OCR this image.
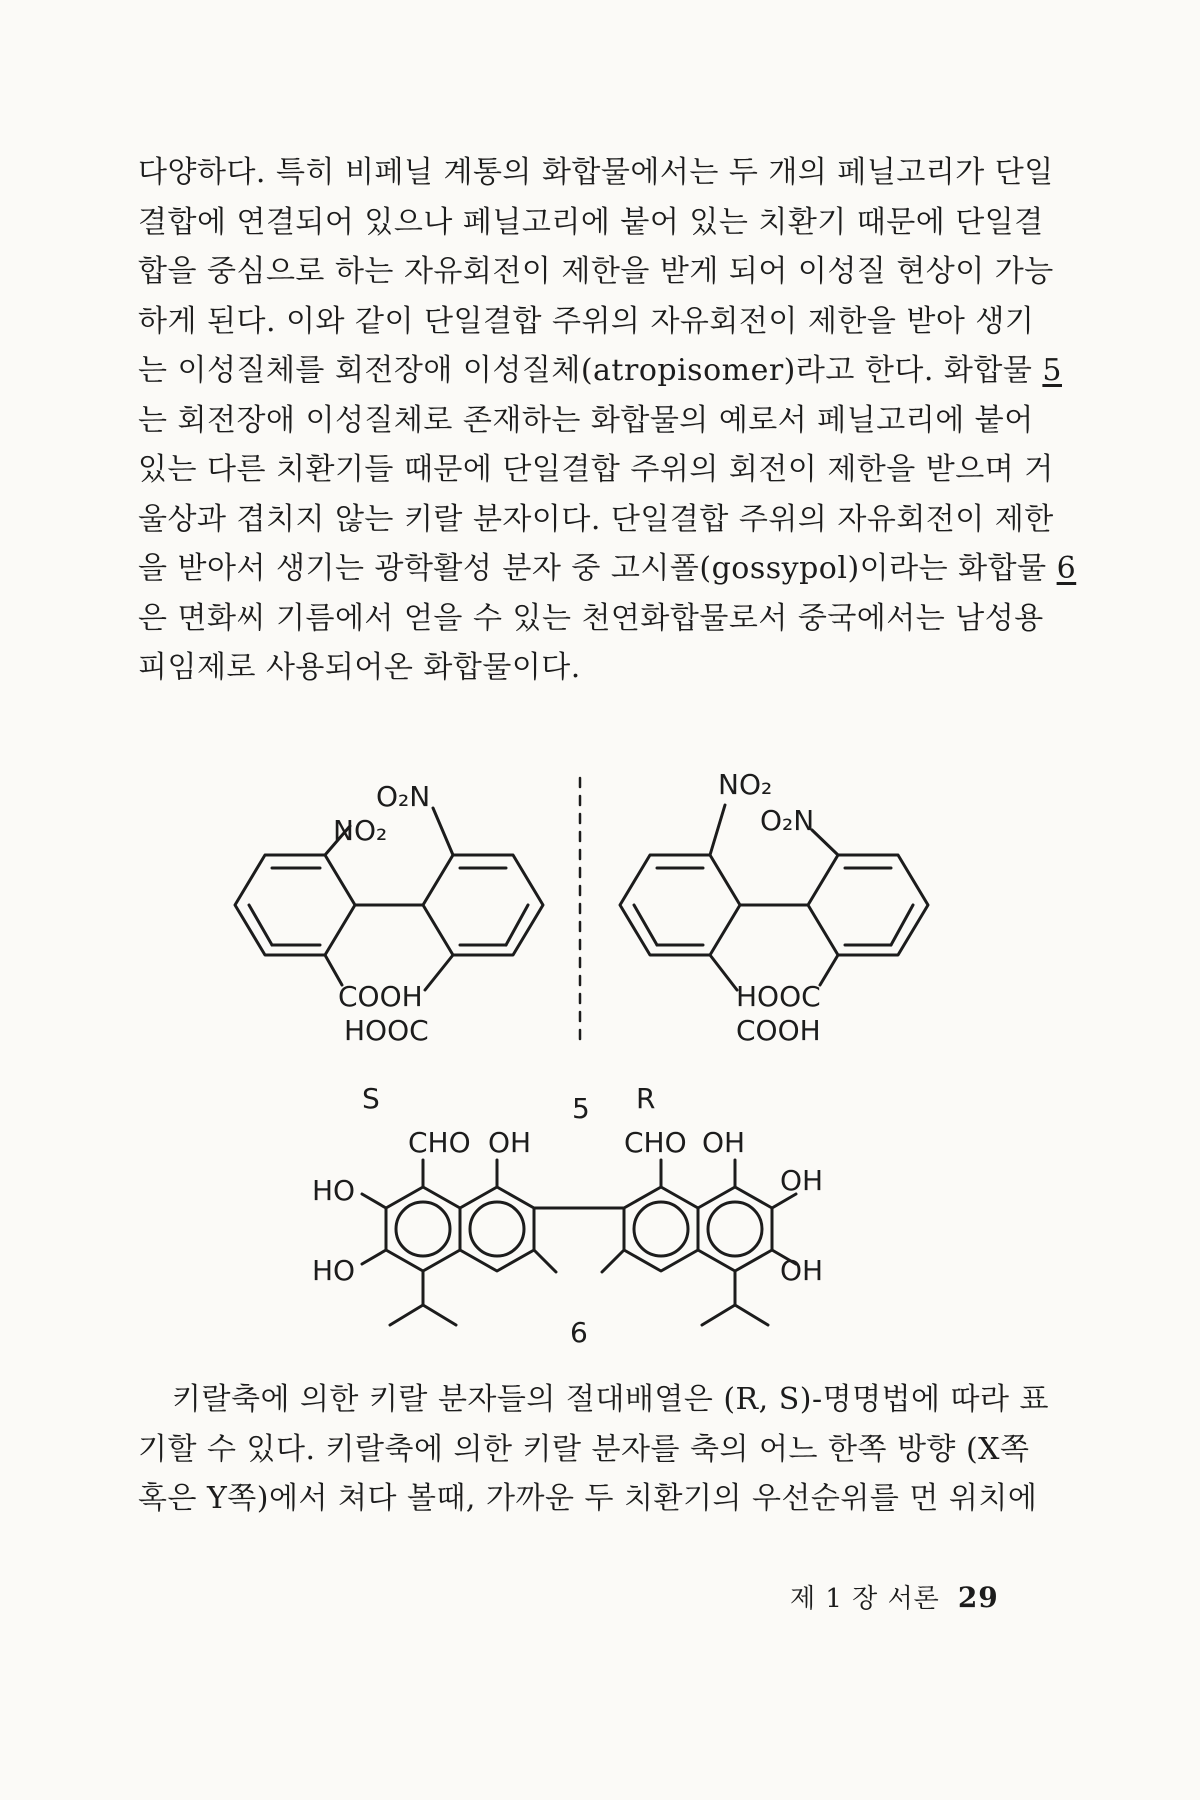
다양하다. 특히 비페닐 계통의 화합물에서는 두 개의 페닐고리가 단일
결합에 연결되어 있으나 페닐고리에 붙어 있는 치환기 때문에 단일결
합을 중심으로 하는 자유회전이 제한을 받게 되어 이성질 현상이 가능
하게 된다. 이와 같이 단일결합 주위의 자유회전이 제한을 받아 생기
는 이성질체를 회전장애 이성질체(atropisomer)라고 한다. 화합물 5
는 회전장애 이성질체로 존재하는 화합물의 예로서 페닐고리에 붙어
있는 다른 치환기들 때문에 단일결합 주위의 회전이 제한을 받으며 거
울상과 겹치지 않는 키랄 분자이다. 단일결합 주위의 자유회전이 제한
을 받아서 생기는 광학활성 분자 중 고시폴(gossypol)이라는 화합물 6
은 면화씨 기름에서 얻을 수 있는 천연화합물로서 중국에서는 남성용
피임제로 사용되어온 화합물이다.
O₂N
NO₂
COOH
HOOC
S
NO₂
O₂N
HOOC
COOH
R
5
CHO OH	CHO OH
HO
HO
OH
OH
6
키랄축에 의한 키랄 분자들의 절대배열은 (R, S)-명명법에 따라 표
기할 수 있다. 키랄축에 의한 키랄 분자를 축의 어느 한쪽 방향 (X쪽
혹은 Y쪽)에서 쳐다 볼때, 가까운 두 치환기의 우선순위를 먼 위치에
제 1 장 서론 29
